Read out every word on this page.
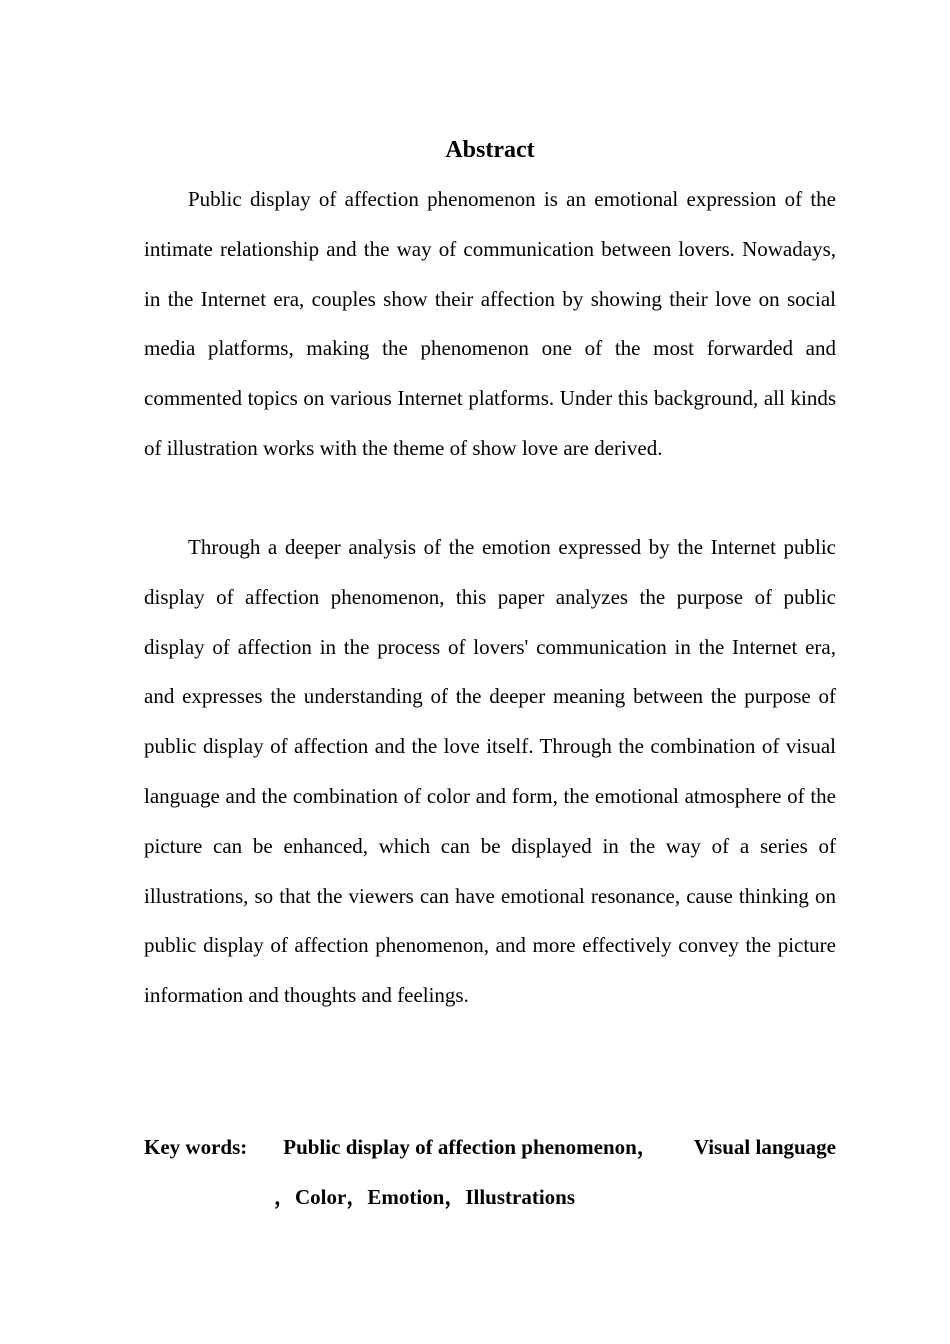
Abstract

Public display of affection phenomenon is an emotional expression of the intimate relationship and the way of communication between lovers. Nowadays, in the Internet era, couples show their affection by showing their love on social media platforms, making the phenomenon one of the most forwarded and commented topics on various Internet platforms. Under this background, all kinds of illustration works with the theme of show love are derived.

Through a deeper analysis of the emotion expressed by the Internet public display of affection phenomenon, this paper analyzes the purpose of public display of affection in the process of lovers' communication in the Internet era, and expresses the understanding of the deeper meaning between the purpose of public display of affection and the love itself. Through the combination of visual language and the combination of color and form, the emotional atmosphere of the picture can be enhanced, which can be displayed in the way of a series of illustrations, so that the viewers can have emotional resonance, cause thinking on public display of affection phenomenon, and more effectively convey the picture information and thoughts and feelings.

Key words: Public display of affection phenomenon， Visual language
，Color，Emotion，Illustrations
